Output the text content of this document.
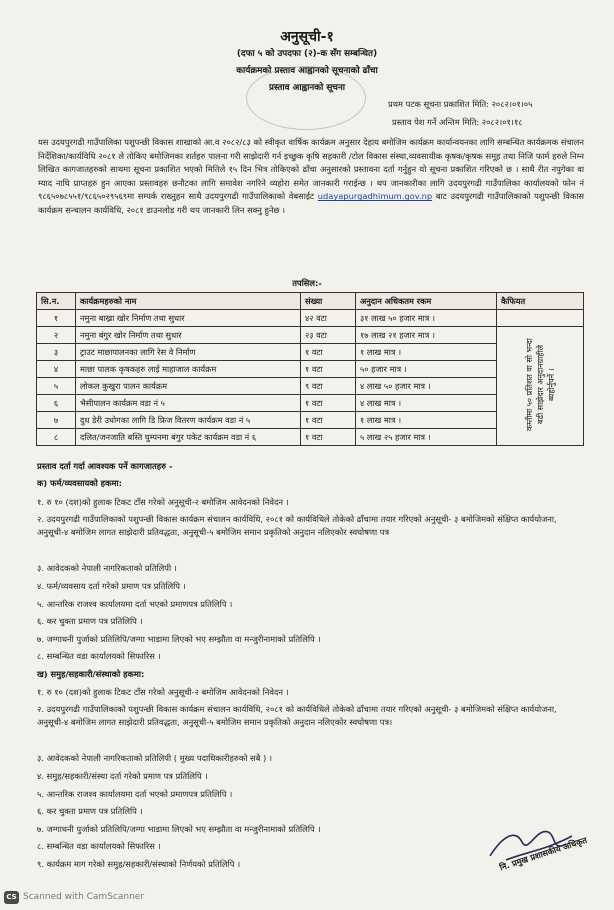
अनुसूची-१
(दफा ५ को उपदफा (२)-क सँग सम्बन्धित)
कार्यक्रमको प्रस्ताव आह्वानको सूचनाको ढाँचा
प्रस्ताव आह्वानको सूचना
प्रथम पटक सूचना प्रकाशित मिति: २०८२।०१।०५
प्रस्ताव पेश गर्ने अन्तिम मिति: २०८२।०१।१८
यस उदयपुरगढी गाउँपालिका पशुपन्छी विकास शाखाको आ.व २०८२/८३ को स्वीकृत वार्षिक कार्यक्रम अनुसार देहाय बमोजिम कार्यक्रम कार्यान्वयनका लागि सम्बन्धित कार्यक्रमक संचालन निर्देशिका/कार्यविधि २०८१ ले तोकिए बमोजिमका शर्तहरु पालना गरी साझेदारी गर्न इच्छुक कृषि सहकारी /टोल विकास संस्था,व्यवसायीक कृषक/कृषक समूह तथा निजि फार्म हरुले निम्न लिखित कागजातहरुको साथमा सूचना प्रकाशित भएको मितिले १५ दिन भित्र तोकिएको ढाँचा अनुसारको प्रस्तावना दर्ता गर्नुहुन यो सूचना प्रकाशित गरिएको छ । साथै रीत नपुगेका वा म्याद नाघि प्राप्तहरु हुन आएका प्रस्तावहरु छनौटका लागि समावेश नगरिने व्यहोरा समेत जानकारी गराईन्छ । थप जानकारीका लागि उदयपुरगढी गाउँपालिका कार्यालयको फोन नं ९८६५०७८५५१/९८६५०२९५६९मा सम्पर्क राख्नुहन साथै उदयपुरगढी गाउँपालिकाको वेबसाईट udayapurgadhimum.gov.np बाट उदयपुरगढी गाउँपालिकाको पशुपन्छी विकास कार्यक्रम सन्चालन कार्यविधि, २०८१ डाउनलोड गरी थप जानकारी लिन सक्नु हुनेछ ।
तपसिल:-
सि.न.	कार्यक्रमहरुको नाम	संख्या	अनुदान अधिकतम रकम	कैफियत
१	नमुना बाख्रा खोर निर्माण तथा सुधार	४२ वटा	३१ लाख ५० हजार मात्र ।	
२	नमुना बंगुर खोर निर्माण तथा सुधार	२३ वटा	१७ लाख २१ हजार मात्र ।	कम्तीमा ५० प्रतिशत वा सो भन्दा बढी साझेदार अनुदानग्राहीले ब्यहोर्नुपर्ने ।
३	ट्राउट माछापालनका लागि रेस वे निर्माण	१ वटा	१ लाख मात्र ।	
४	माछा पालक कृषकहरु लाई माहाजाल कार्यक्रम	१ वटा	५० हजार मात्र ।	
५	लोकल कुखुरा पालन कार्यक्रम	९ वटा	४ लाख ५० हजार मात्र ।	
६	भैसीपालन कार्यक्रम वडा नं ५	१ वटा	४ लाख मात्र ।	
७	दुध डेरी उधोगका लागि डि फ्रिज वितरण कार्यक्रम वडा नं ५	१ वटा	१ लाख मात्र ।	
८	दलित/जनजाति बस्ति घुम्पनमा बंगुर पकेट कार्यक्रम वडा नं ६	१ वटा	५ लाख २५ हजार मात्र ।	
प्रस्ताव दर्ता गर्दा आवश्यक पर्ने कागजातहरु -
क) फर्म/व्यवसायको हकमा:
१. रु १० (दश)को हुलाक टिकट टाँस गरेको अनुसूची-२ बमोजिम आवेदनको निवेदन ।
२. उदयपुरगढी गाउँपालिकाको पशुपन्छी विकास कार्यक्रम संचालन कार्यविधि, २०८१ को कार्यविधिले तोकेको ढाँचामा तयार गरिएको अनुसूची- ३ बमोजिमको संक्षिप्त कार्ययोजना, अनुसूची-४ बमोजिम लागत साझेदारी प्रतिवद्धता, अनुसूची-५ बमोजिम समान प्रकृतिको अनुदान नलिएकोर स्वघोषणा पत्र
३. आवेदकको नेपाली नागरिकताको प्रतिलिपी ।
४. फर्म/व्यवसाय दर्ता गरेको प्रमाण पत्र प्रतिलिपि ।
५. आन्तरिक राजश्व कार्यालयमा दर्ता भएको प्रमाणपत्र प्रतिलिपि ।
६. कर चुक्ता प्रमाण पत्र प्रतिलिपि ।
७. जग्गाधनी पुर्जाको प्रतिलिपि/जग्गा भाडामा लिएको भए सम्झौता वा मन्जुरीनामाको प्रतिलिपि ।
८. सम्बन्धित वडा कार्यालयको सिफारिस ।
ख) समुह/सहकारी/संस्थाको हकमा:
१. रु १० (दश)को हुलाक टिकट टाँस गरेको अनुसूची-२ बमोजिम आवेदनको निवेदन ।
२. उदयपुरगढी गाउँपालिकाको पशुपन्छी विकास कार्यक्रम संचालन कार्यविधि, २०८१ को कार्यविधिले तोकेको ढाँचामा तयार गरिएको अनुसूची- ३ बमोजिमको संक्षिप्त कार्ययोजना, अनुसूची-४ बमोजिम लागत साझेदारी प्रतिवद्धता, अनुसूची-५ बमोजिम समान प्रकृतिको अनुदान नलिएकोर स्वघोषणा पत्र।
३. आवेदकको नेपाली नागरिकताको प्रतिलिपी ( मुख्य पदाधिकारीहरुको सबै ) ।
४. समुह/सहकारी/संस्था दर्ता गरेको प्रमाण पत्र प्रतिलिपि ।
५. आन्तरिक राजश्व कार्यालयमा दर्ता भएको प्रमाणपत्र प्रतिलिपि ।
६. कर चुक्ता प्रमाण पत्र प्रतिलिपि ।
७. जग्गाधनी पुर्जाको प्रतिलिपि/जग्गा भाडामा लिएको भए सम्झौता वा मन्जुरीनामाको प्रतिलिपि ।
८. सम्बन्धित वडा कार्यालयको सिफारिस ।
९. कार्यक्रम माग गरेको समुह/सहकारी/संस्थाको निर्णयको प्रतिलिपि ।	नि. प्रमुख प्रशासकीय अधिकृत
CS Scanned with CamScanner
